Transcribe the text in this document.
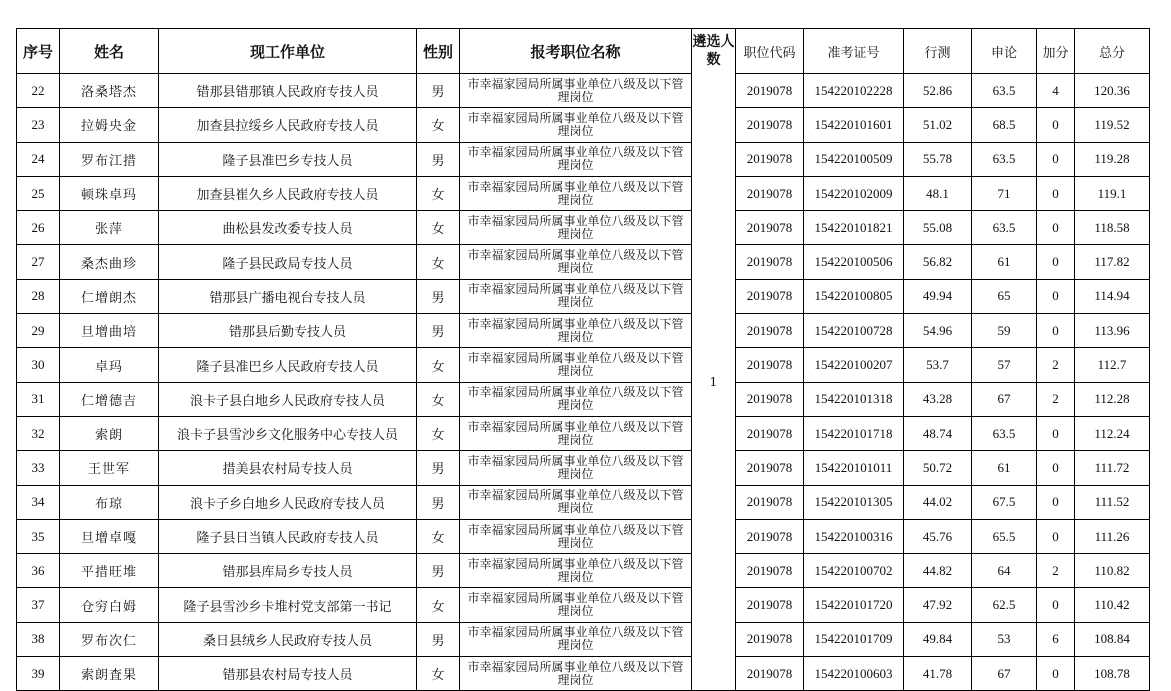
序号	姓名	现工作单位	性别	报考职位名称	遴选人数	职位代码	准考证号	行测	申论	加分	总分
22	洛桑塔杰	错那县错那镇人民政府专技人员	男	市幸福家园局所属事业单位八级及以下管理岗位	1	2019078	154220102228	52.86	63.5	4	120.36
23	拉姆央金	加查县拉绥乡人民政府专技人员	女	市幸福家园局所属事业单位八级及以下管理岗位		2019078	154220101601	51.02	68.5	0	119.52
24	罗布江措	隆子县准巴乡专技人员	男	市幸福家园局所属事业单位八级及以下管理岗位		2019078	154220100509	55.78	63.5	0	119.28
25	顿珠卓玛	加查县崔久乡人民政府专技人员	女	市幸福家园局所属事业单位八级及以下管理岗位		2019078	154220102009	48.1	71	0	119.1
26	张萍	曲松县发改委专技人员	女	市幸福家园局所属事业单位八级及以下管理岗位		2019078	154220101821	55.08	63.5	0	118.58
27	桑杰曲珍	隆子县民政局专技人员	女	市幸福家园局所属事业单位八级及以下管理岗位		2019078	154220100506	56.82	61	0	117.82
28	仁增朗杰	错那县广播电视台专技人员	男	市幸福家园局所属事业单位八级及以下管理岗位		2019078	154220100805	49.94	65	0	114.94
29	旦增曲培	错那县后勤专技人员	男	市幸福家园局所属事业单位八级及以下管理岗位		2019078	154220100728	54.96	59	0	113.96
30	卓玛	隆子县准巴乡人民政府专技人员	女	市幸福家园局所属事业单位八级及以下管理岗位		2019078	154220100207	53.7	57	2	112.7
31	仁增德吉	浪卡子县白地乡人民政府专技人员	女	市幸福家园局所属事业单位八级及以下管理岗位		2019078	154220101318	43.28	67	2	112.28
32	索朗	浪卡子县雪沙乡文化服务中心专技人员	女	市幸福家园局所属事业单位八级及以下管理岗位		2019078	154220101718	48.74	63.5	0	112.24
33	王世军	措美县农村局专技人员	男	市幸福家园局所属事业单位八级及以下管理岗位		2019078	154220101011	50.72	61	0	111.72
34	布琼	浪卡子乡白地乡人民政府专技人员	男	市幸福家园局所属事业单位八级及以下管理岗位		2019078	154220101305	44.02	67.5	0	111.52
35	旦增卓嘎	隆子县日当镇人民政府专技人员	女	市幸福家园局所属事业单位八级及以下管理岗位		2019078	154220100316	45.76	65.5	0	111.26
36	平措旺堆	错那县库局乡专技人员	男	市幸福家园局所属事业单位八级及以下管理岗位		2019078	154220100702	44.82	64	2	110.82
37	仓穷白姆	隆子县雪沙乡卡堆村党支部第一书记	女	市幸福家园局所属事业单位八级及以下管理岗位		2019078	154220101720	47.92	62.5	0	110.42
38	罗布次仁	桑日县绒乡人民政府专技人员	男	市幸福家园局所属事业单位八级及以下管理岗位		2019078	154220101709	49.84	53	6	108.84
39	索朗査果	错那县农村局专技人员	女	市幸福家园局所属事业单位八级及以下管理岗位		2019078	154220100603	41.78	67	0	108.78
